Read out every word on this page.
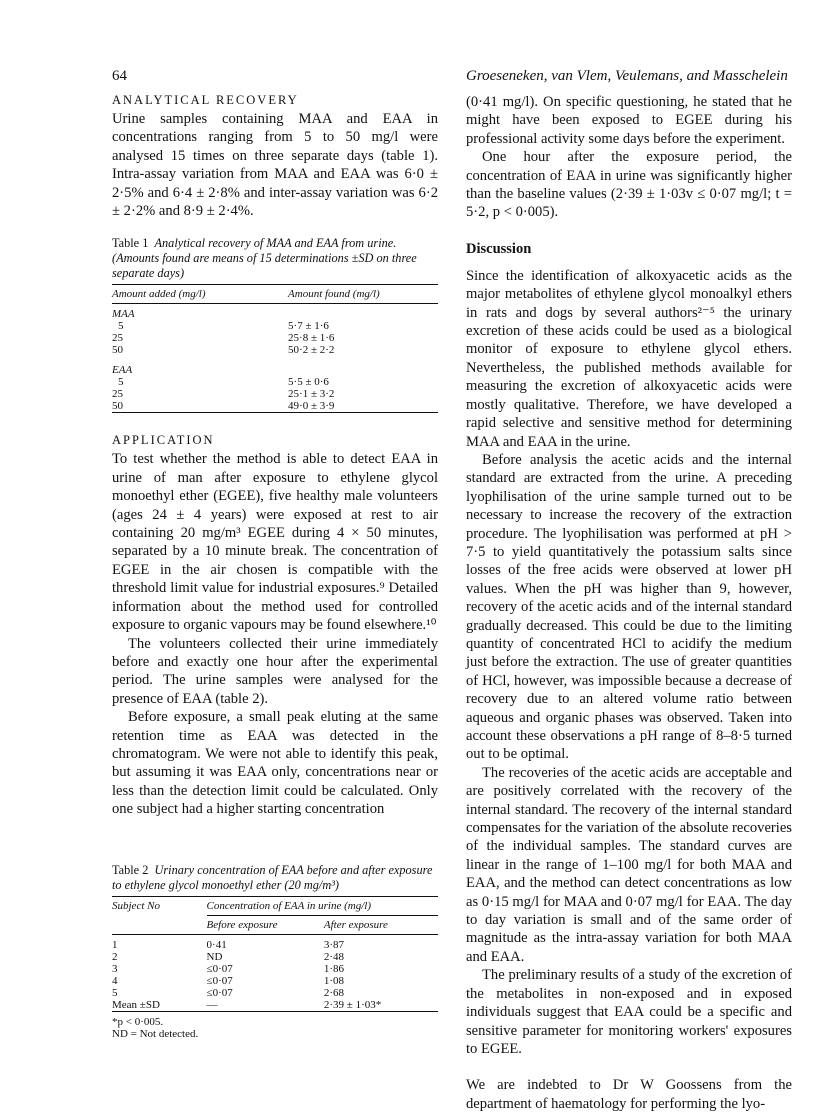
64	Groeseneken, van Vlem, Veulemans, and Masschelein
ANALYTICAL RECOVERY

Urine samples containing MAA and EAA in concentrations ranging from 5 to 50 mg/l were analysed 15 times on three separate days (table 1). Intra-assay variation from MAA and EAA was 6·0 ± 2·5% and 6·4 ± 2·8% and inter-assay variation was 6·2 ± 2·2% and 8·9 ± 2·4%.

Table 1 Analytical recovery of MAA and EAA from urine. (Amounts found are means of 15 determinations ±SD on three separate days)

Amount added (mg/l)	Amount found (mg/l)

MAA	
5	5·7 ± 1·6
25	25·8 ± 1·6
50	50·2 ± 2·2

EAA	
5	5·5 ± 0·6
25	25·1 ± 3·2
50	49·0 ± 3·9

APPLICATION

To test whether the method is able to detect EAA in urine of man after exposure to ethylene glycol monoethyl ether (EGEE), five healthy male volunteers (ages 24 ± 4 years) were exposed at rest to air containing 20 mg/m³ EGEE during 4 × 50 minutes, separated by a 10 minute break. The concentration of EGEE in the air chosen is compatible with the threshold limit value for industrial exposures.⁹ Detailed information about the method used for controlled exposure to organic vapours may be found elsewhere.¹⁰

The volunteers collected their urine immediately before and exactly one hour after the experimental period. The urine samples were analysed for the presence of EAA (table 2).

Before exposure, a small peak eluting at the same retention time as EAA was detected in the chromatogram. We were not able to identify this peak, but assuming it was EAA only, concentrations near or less than the detection limit could be calculated. Only one subject had a higher starting concentration

Table 2 Urinary concentration of EAA before and after exposure to ethylene glycol monoethyl ether (20 mg/m³)

Subject No	Concentration of EAA in urine (mg/l)	
	Before exposure	After exposure

1	0·41	3·87
2	ND	2·48
3	≤0·07	1·86
4	≤0·07	1·08
5	≤0·07	2·68
Mean ±SD	—	2·39 ± 1·03*

*p < 0·005.

ND = Not detected.

(0·41 mg/l). On specific questioning, he stated that he might have been exposed to EGEE during his professional activity some days before the experiment.

One hour after the exposure period, the concentration of EAA in urine was significantly higher than the baseline values (2·39 ± 1·03v ≤ 0·07 mg/l; t = 5·2, p < 0·005).

Discussion

Since the identification of alkoxyacetic acids as the major metabolites of ethylene glycol monoalkyl ethers in rats and dogs by several authors²⁻⁵ the urinary excretion of these acids could be used as a biological monitor of exposure to ethylene glycol ethers. Nevertheless, the published methods available for measuring the excretion of alkoxyacetic acids were mostly qualitative. Therefore, we have developed a rapid selective and sensitive method for determining MAA and EAA in the urine.

Before analysis the acetic acids and the internal standard are extracted from the urine. A preceding lyophilisation of the urine sample turned out to be necessary to increase the recovery of the extraction procedure. The lyophilisation was performed at pH > 7·5 to yield quantitatively the potassium salts since losses of the free acids were observed at lower pH values. When the pH was higher than 9, however, recovery of the acetic acids and of the internal standard gradually decreased. This could be due to the limiting quantity of concentrated HCl to acidify the medium just before the extraction. The use of greater quantities of HCl, however, was impossible because a decrease of recovery due to an altered volume ratio between aqueous and organic phases was observed. Taken into account these observations a pH range of 8–8·5 turned out to be optimal.

The recoveries of the acetic acids are acceptable and are positively correlated with the recovery of the internal standard. The recovery of the internal standard compensates for the variation of the absolute recoveries of the individual samples. The standard curves are linear in the range of 1–100 mg/l for both MAA and EAA, and the method can detect concentrations as low as 0·15 mg/l for MAA and 0·07 mg/l for EAA. The day to day variation is small and of the same order of magnitude as the intra-assay variation for both MAA and EAA.

The preliminary results of a study of the excretion of the metabolites in non-exposed and in exposed individuals suggest that EAA could be a specific and sensitive parameter for monitoring workers' exposures to EGEE.

We are indebted to Dr W Goossens from the department of haematology for performing the lyo-
